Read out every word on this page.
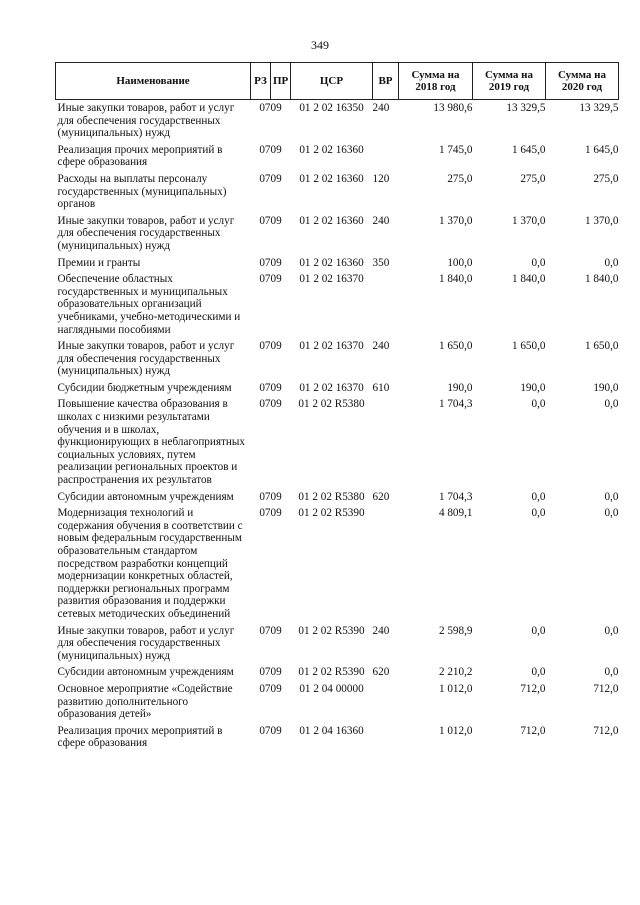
349
Наименование	РЗ	ПР	ЦСР	ВР	Сумма на 2018 год	Сумма на 2019 год	Сумма на 2020 год
Иные закупки товаров, работ и услуг для обеспечения государственных (муниципальных) нужд	07	09	01 2 02 16350	240	13 980,6	13 329,5	13 329,5
Реализация прочих мероприятий в сфере образования	07	09	01 2 02 16360		1 745,0	1 645,0	1 645,0
Расходы на выплаты персоналу государственных (муниципальных) органов	07	09	01 2 02 16360	120	275,0	275,0	275,0
Иные закупки товаров, работ и услуг для обеспечения государственных (муниципальных) нужд	07	09	01 2 02 16360	240	1 370,0	1 370,0	1 370,0
Премии и гранты	07	09	01 2 02 16360	350	100,0	0,0	0,0
Обеспечение областных государственных и муниципальных образовательных организаций учебниками, учебно-методическими и наглядными пособиями	07	09	01 2 02 16370		1 840,0	1 840,0	1 840,0
Иные закупки товаров, работ и услуг для обеспечения государственных (муниципальных) нужд	07	09	01 2 02 16370	240	1 650,0	1 650,0	1 650,0
Субсидии бюджетным учреждениям	07	09	01 2 02 16370	610	190,0	190,0	190,0
Повышение качества образования в школах с низкими результатами обучения и в школах, функционирующих в неблагоприятных социальных условиях, путем реализации региональных проектов и распространения их результатов	07	09	01 2 02 R5380		1 704,3	0,0	0,0
Субсидии автономным учреждениям	07	09	01 2 02 R5380	620	1 704,3	0,0	0,0
Модернизация технологий и содержания обучения в соответствии с новым федеральным государственным образовательным стандартом посредством разработки концепций модернизации конкретных областей, поддержки региональных программ развития образования и поддержки сетевых методических объединений	07	09	01 2 02 R5390		4 809,1	0,0	0,0
Иные закупки товаров, работ и услуг для обеспечения государственных (муниципальных) нужд	07	09	01 2 02 R5390	240	2 598,9	0,0	0,0
Субсидии автономным учреждениям	07	09	01 2 02 R5390	620	2 210,2	0,0	0,0
Основное мероприятие «Содействие развитию дополнительного образования детей»	07	09	01 2 04 00000		1 012,0	712,0	712,0
Реализация прочих мероприятий в сфере образования	07	09	01 2 04 16360		1 012,0	712,0	712,0
